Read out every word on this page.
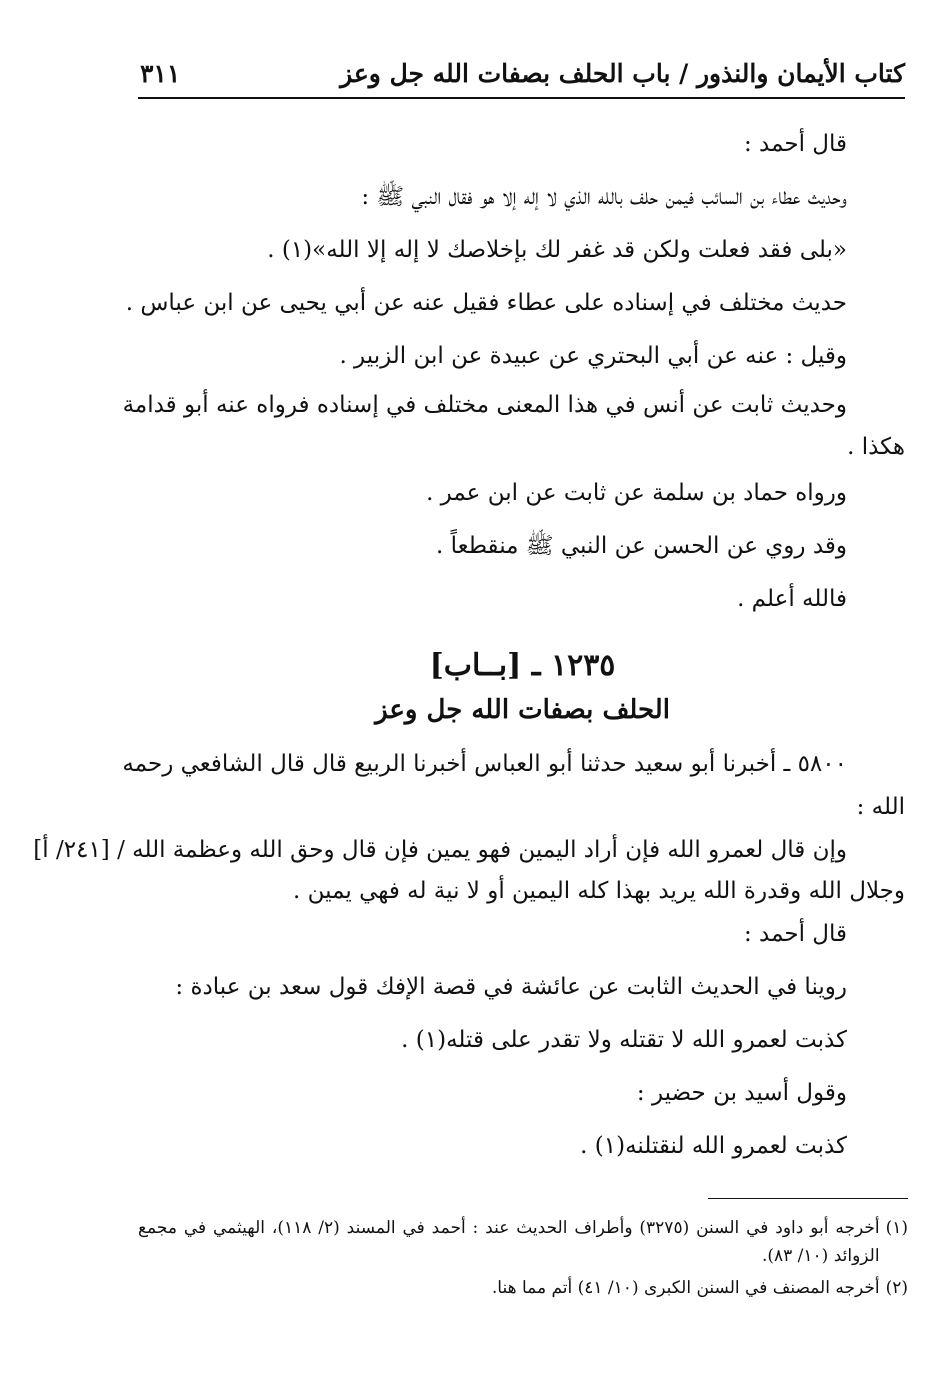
كتاب الأيمان والنذور / باب الحلف بصفات الله جل وعز
٣١١

قال أحمد :

وحديث عطاء بن السائب فيمن حلف بالله الذي لا إله إلا هو فقال النبي ﷺ :

«بلى فقد فعلت ولكن قد غفر لك بإخلاصك لا إله إلا الله»(١) .

حديث مختلف في إسناده على عطاء فقيل عنه عن أبي يحيى عن ابن عباس .

وقيل : عنه عن أبي البحتري عن عبيدة عن ابن الزبير .

وحديث ثابت عن أنس في هذا المعنى مختلف في إسناده فرواه عنه أبو قدامة

هكذا .

ورواه حماد بن سلمة عن ثابت عن ابن عمر .

وقد روي عن الحسن عن النبي ﷺ منقطعاً .

فالله أعلم .

١٢٣٥ ـ [بــاب]
الحلف بصفات الله جل وعز

٥٨٠٠ ـ أخبرنا أبو سعيد حدثنا أبو العباس أخبرنا الربيع قال قال الشافعي رحمه

الله :

وإن قال لعمرو الله فإن أراد اليمين فهو يمين فإن قال وحق الله وعظمة الله / [٢٤١/ أ]

وجلال الله وقدرة الله يريد بهذا كله اليمين أو لا نية له فهي يمين .

قال أحمد :

روينا في الحديث الثابت عن عائشة في قصة الإفك قول سعد بن عبادة :

كذبت لعمرو الله لا تقتله ولا تقدر على قتله(١) .

وقول أسيد بن حضير :

كذبت لعمرو الله لنقتلنه(١) .

(١)
أخرجه أبو داود في السنن (٣٢٧٥) وأطراف الحديث عند : أحمد في المسند (٢/ ١١٨)، الهيثمي في مجمع الزوائد (١٠/ ٨٣).
(٢)
أخرجه المصنف في السنن الكبرى (١٠/ ٤١) أتم مما هنا.
